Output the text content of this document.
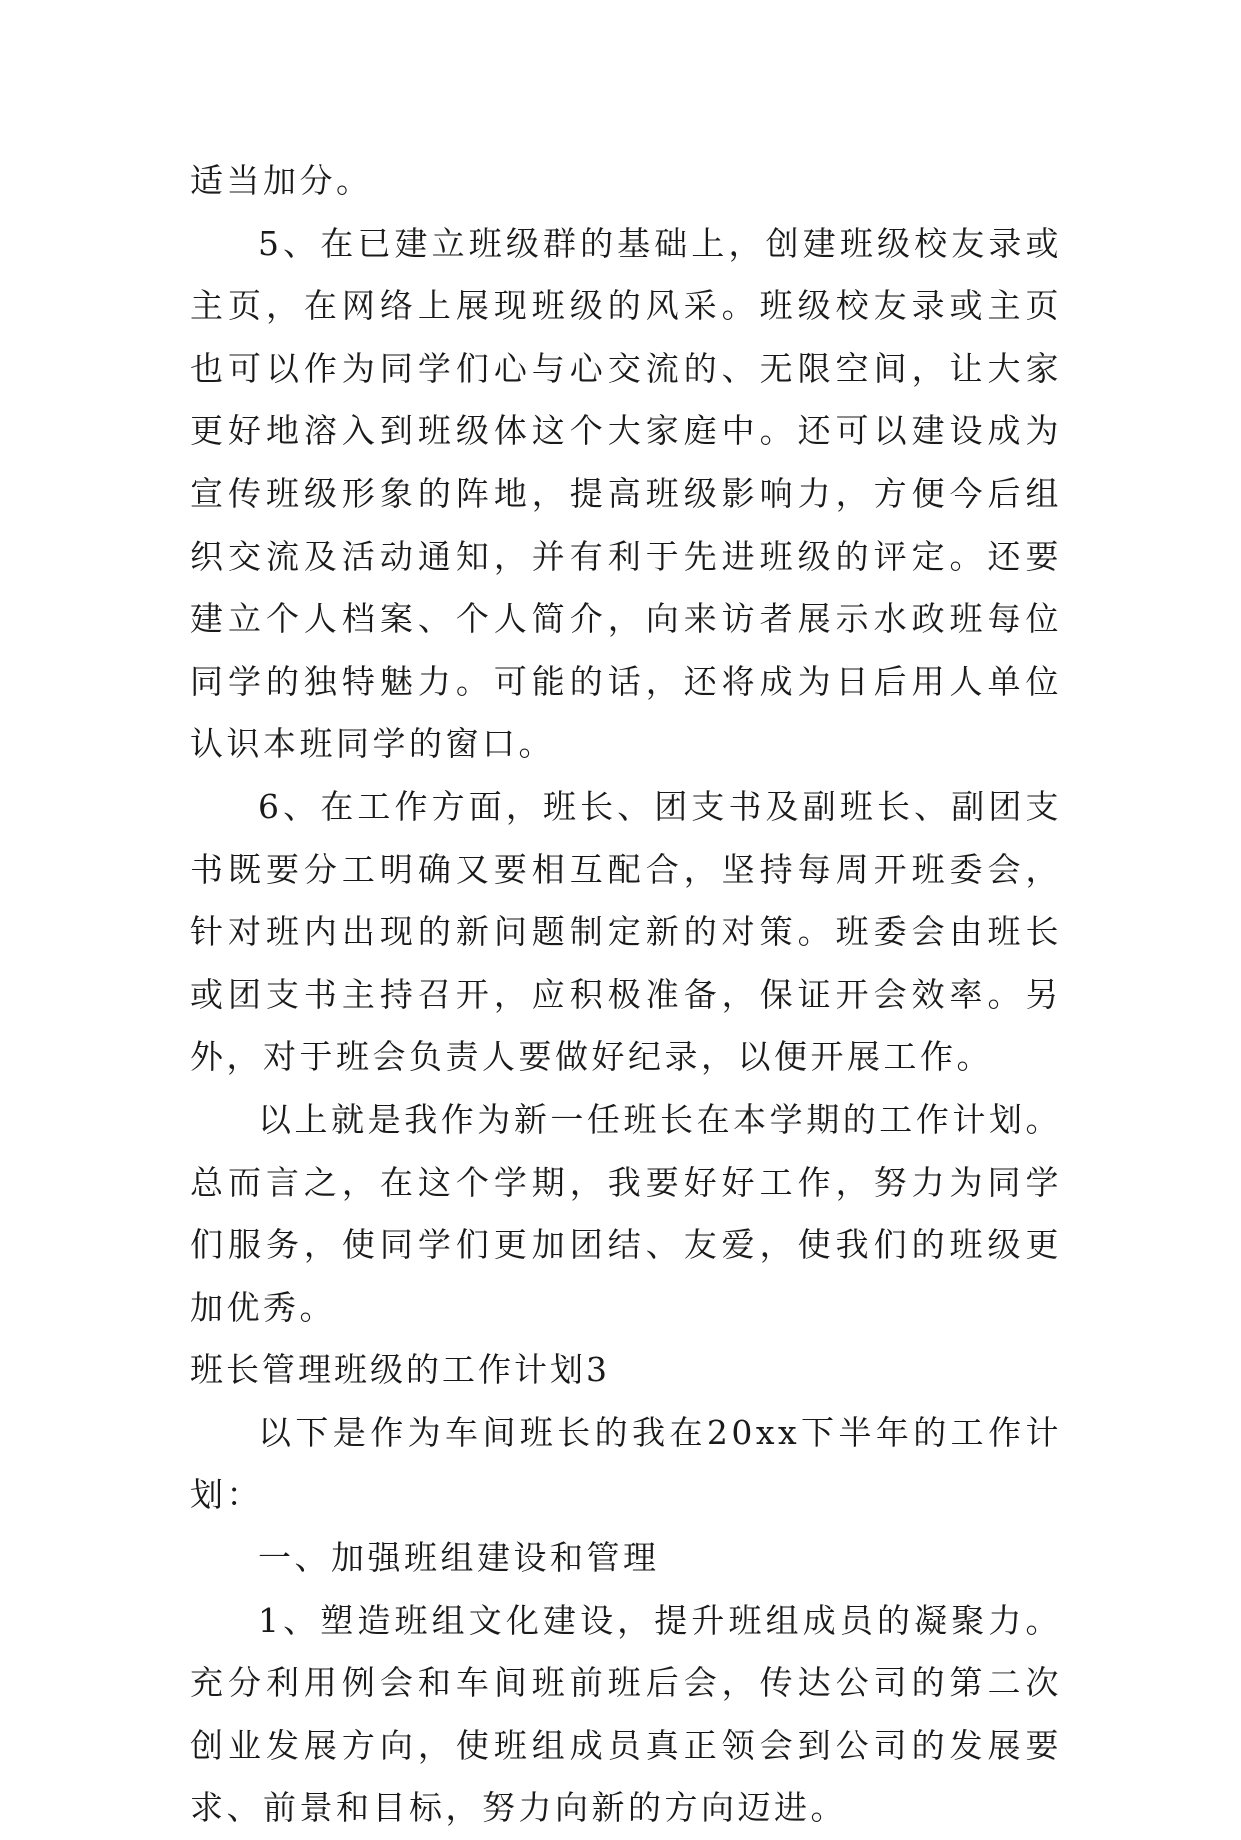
适当加分。

5、在已建立班级群的基础上，创建班级校友录或主页，在网络上展现班级的风采。班级校友录或主页也可以作为同学们心与心交流的、无限空间，让大家更好地溶入到班级体这个大家庭中。还可以建设成为宣传班级形象的阵地，提高班级影响力，方便今后组织交流及活动通知，并有利于先进班级的评定。还要建立个人档案、个人简介，向来访者展示水政班每位同学的独特魅力。可能的话，还将成为日后用人单位认识本班同学的窗口。

6、在工作方面，班长、团支书及副班长、副团支书既要分工明确又要相互配合，坚持每周开班委会，针对班内出现的新问题制定新的对策。班委会由班长或团支书主持召开，应积极准备，保证开会效率。另外，对于班会负责人要做好纪录，以便开展工作。

以上就是我作为新一任班长在本学期的工作计划。总而言之，在这个学期，我要好好工作，努力为同学们服务，使同学们更加团结、友爱，使我们的班级更加优秀。

班长管理班级的工作计划3

以下是作为车间班长的我在20xx下半年的工作计划：

一、加强班组建设和管理

1、塑造班组文化建设，提升班组成员的凝聚力。充分利用例会和车间班前班后会，传达公司的第二次创业发展方向，使班组成员真正领会到公司的发展要求、前景和目标，努力向新的方向迈进。
